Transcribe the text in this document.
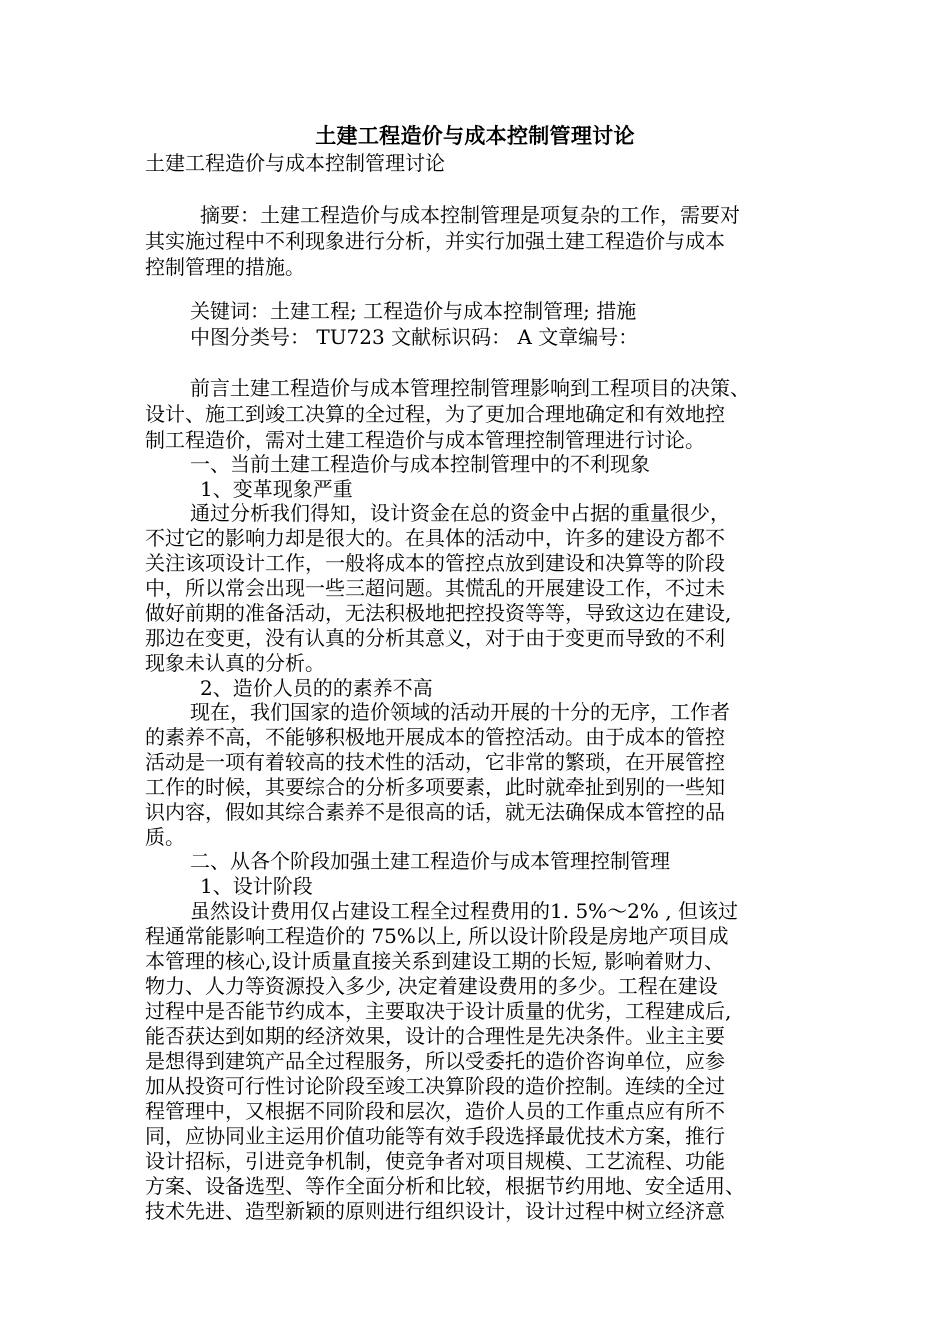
土建工程造价与成本控制管理讨论
土建工程造价与成本控制管理讨论
摘要：土建工程造价与成本控制管理是项复杂的工作，需要对
其实施过程中不利现象进行分析，并实行加强土建工程造价与成本
控制管理的措施。
关键词：土建工程; 工程造价与成本控制管理; 措施
中图分类号： TU723 文献标识码： A 文章编号：
前言土建工程造价与成本管理控制管理影响到工程项目的决策、
设计、施工到竣工决算的全过程，为了更加合理地确定和有效地控
制工程造价，需对土建工程造价与成本管理控制管理进行讨论。
一、当前土建工程造价与成本控制管理中的不利现象
1、变革现象严重
通过分析我们得知，设计资金在总的资金中占据的重量很少，
不过它的影响力却是很大的。在具体的活动中，许多的建设方都不
关注该项设计工作，一般将成本的管控点放到建设和决算等的阶段
中，所以常会出现一些三超问题。其慌乱的开展建设工作，不过未
做好前期的准备活动，无法积极地把控投资等等，导致这边在建设,
那边在变更，没有认真的分析其意义，对于由于变更而导致的不利
现象未认真的分析。
2、造价人员的的素养不高
现在，我们国家的造价领域的活动开展的十分的无序，工作者
的素养不高，不能够积极地开展成本的管控活动。由于成本的管控
活动是一项有着较高的技术性的活动，它非常的繁琐，在开展管控
工作的时候，其要综合的分析多项要素，此时就牵扯到别的一些知
识内容，假如其综合素养不是很高的话，就无法确保成本管控的品
质。
二、从各个阶段加强土建工程造价与成本管理控制管理
1、设计阶段
虽然设计费用仅占建设工程全过程费用的1. 5%～2% , 但该过
程通常能影响工程造价的 75%以上, 所以设计阶段是房地产项目成
本管理的核心,设计质量直接关系到建设工期的长短, 影响着财力、
物力、人力等资源投入多少, 决定着建设费用的多少。工程在建设
过程中是否能节约成本，主要取决于设计质量的优劣，工程建成后,
能否获达到如期的经济效果，设计的合理性是先决条件。业主主要
是想得到建筑产品全过程服务，所以受委托的造价咨询单位，应参
加从投资可行性讨论阶段至竣工决算阶段的造价控制。连续的全过
程管理中，又根据不同阶段和层次，造价人员的工作重点应有所不
同，应协同业主运用价值功能等有效手段选择最优技术方案，推行
设计招标，引进竞争机制，使竞争者对项目规模、工艺流程、功能
方案、设备选型、等作全面分析和比较，根据节约用地、安全适用、
技术先进、造型新颖的原则进行组织设计，设计过程中树立经济意
